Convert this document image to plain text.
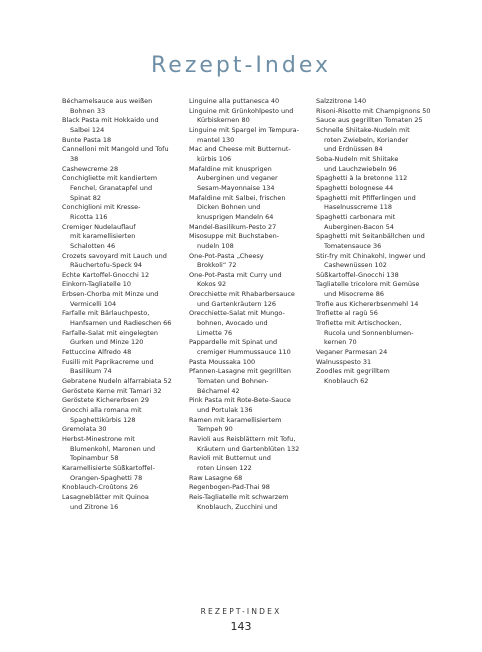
Rezept-Index
Béchamelsauce aus weißen
Bohnen 33
Black Pasta mit Hokkaido und
Salbei 124
Bunte Pasta 18
Cannelloni mit Mangold und Tofu
38
Cashewcreme 28
Conchigliette mit kandiertem
Fenchel, Granatapfel und
Spinat 82
Conchiglioni mit Kresse-
Ricotta 116
Cremiger Nudelauflauf
mit karamellisierten
Schalotten 46
Crozets savoyard mit Lauch und
Räuchertofu-Speck 94
Echte Kartoffel-Gnocchi 12
Einkorn-Tagliatelle 10
Erbsen-Chorba mit Minze und
Vermicelli 104
Farfalle mit Bärlauchpesto,
Hanfsamen und Radieschen 66
Farfalle-Salat mit eingelegten
Gurken und Minze 120
Fettuccine Alfredo 48
Fusilli mit Paprikacreme und
Basilikum 74
Gebratene Nudeln alfarrabiata 52
Geröstete Kerne mit Tamari 32
Geröstete Kichererbsen 29
Gnocchi alla romana mit
Spaghettikürbis 128
Gremolata 30
Herbst-Minestrone mit
Blumenkohl, Maronen und
Topinambur 58
Karamellisierte Süßkartoffel-
Orangen-Spaghetti 78
Knoblauch-Croûtons 26
Lasagneblätter mit Quinoa
und Zitrone 16
Linguine alla puttanesca 40
Linguine mit Grünkohlpesto und
Kürbiskernen 80
Linguine mit Spargel im Tempura-
mantel 130
Mac and Cheese mit Butternut-
kürbis 106
Mafaldine mit knusprigen
Auberginen und veganer
Sesam-Mayonnaise 134
Mafaldine mit Salbei, frischen
Dicken Bohnen und
knusprigen Mandeln 64
Mandel-Basilikum-Pesto 27
Misosuppe mit Buchstaben-
nudeln 108
One-Pot-Pasta „Cheesy
Brokkoli“ 72
One-Pot-Pasta mit Curry und
Kokos 92
Orecchiette mit Rhabarbersauce
und Gartenkräutern 126
Orecchiette-Salat mit Mungo-
bohnen, Avocado und
Limette 76
Pappardelle mit Spinat und
cremiger Hummussauce 110
Pasta Moussaka 100
Pfannen-Lasagne mit gegrillten
Tomaten und Bohnen-
Béchamel 42
Pink Pasta mit Rote-Bete-Sauce
und Portulak 136
Ramen mit karamellisiertem
Tempeh 90
Ravioli aus Reisblättern mit Tofu,
Kräutern und Gartenblüten 132
Ravioli mit Butternut und
roten Linsen 122
Raw Lasagne 68
Regenbogen-Pad-Thai 98
Reis-Tagliatelle mit schwarzem
Knoblauch, Zucchini und
Salzzitrone 140
Risoni-Risotto mit Champignons 50
Sauce aus gegrillten Tomaten 25
Schnelle Shiitake-Nudeln mit
roten Zwiebeln, Koriander
und Erdnüssen 84
Soba-Nudeln mit Shiitake
und Lauchzwiebeln 96
Spaghetti à la bretonne 112
Spaghetti bolognese 44
Spaghetti mit Pfifferlingen und
Haselnusscreme 118
Spaghetti carbonara mit
Auberginen-Bacon 54
Spaghetti mit Seitanbällchen und
Tomatensauce 36
Stir-fry mit Chinakohl, Ingwer und
Cashewnüssen 102
Süßkartoffel-Gnocchi 138
Tagliatelle tricolore mit Gemüse
und Misocreme 86
Trofie aus Kichererbsenmehl 14
Trofiette al ragù 56
Trofiette mit Artischocken,
Rucola und Sonnenblumen-
kernen 70
Veganer Parmesan 24
Walnusspesto 31
Zoodles mit gegrilltem
Knoblauch 62
REZEPT-INDEX
143
